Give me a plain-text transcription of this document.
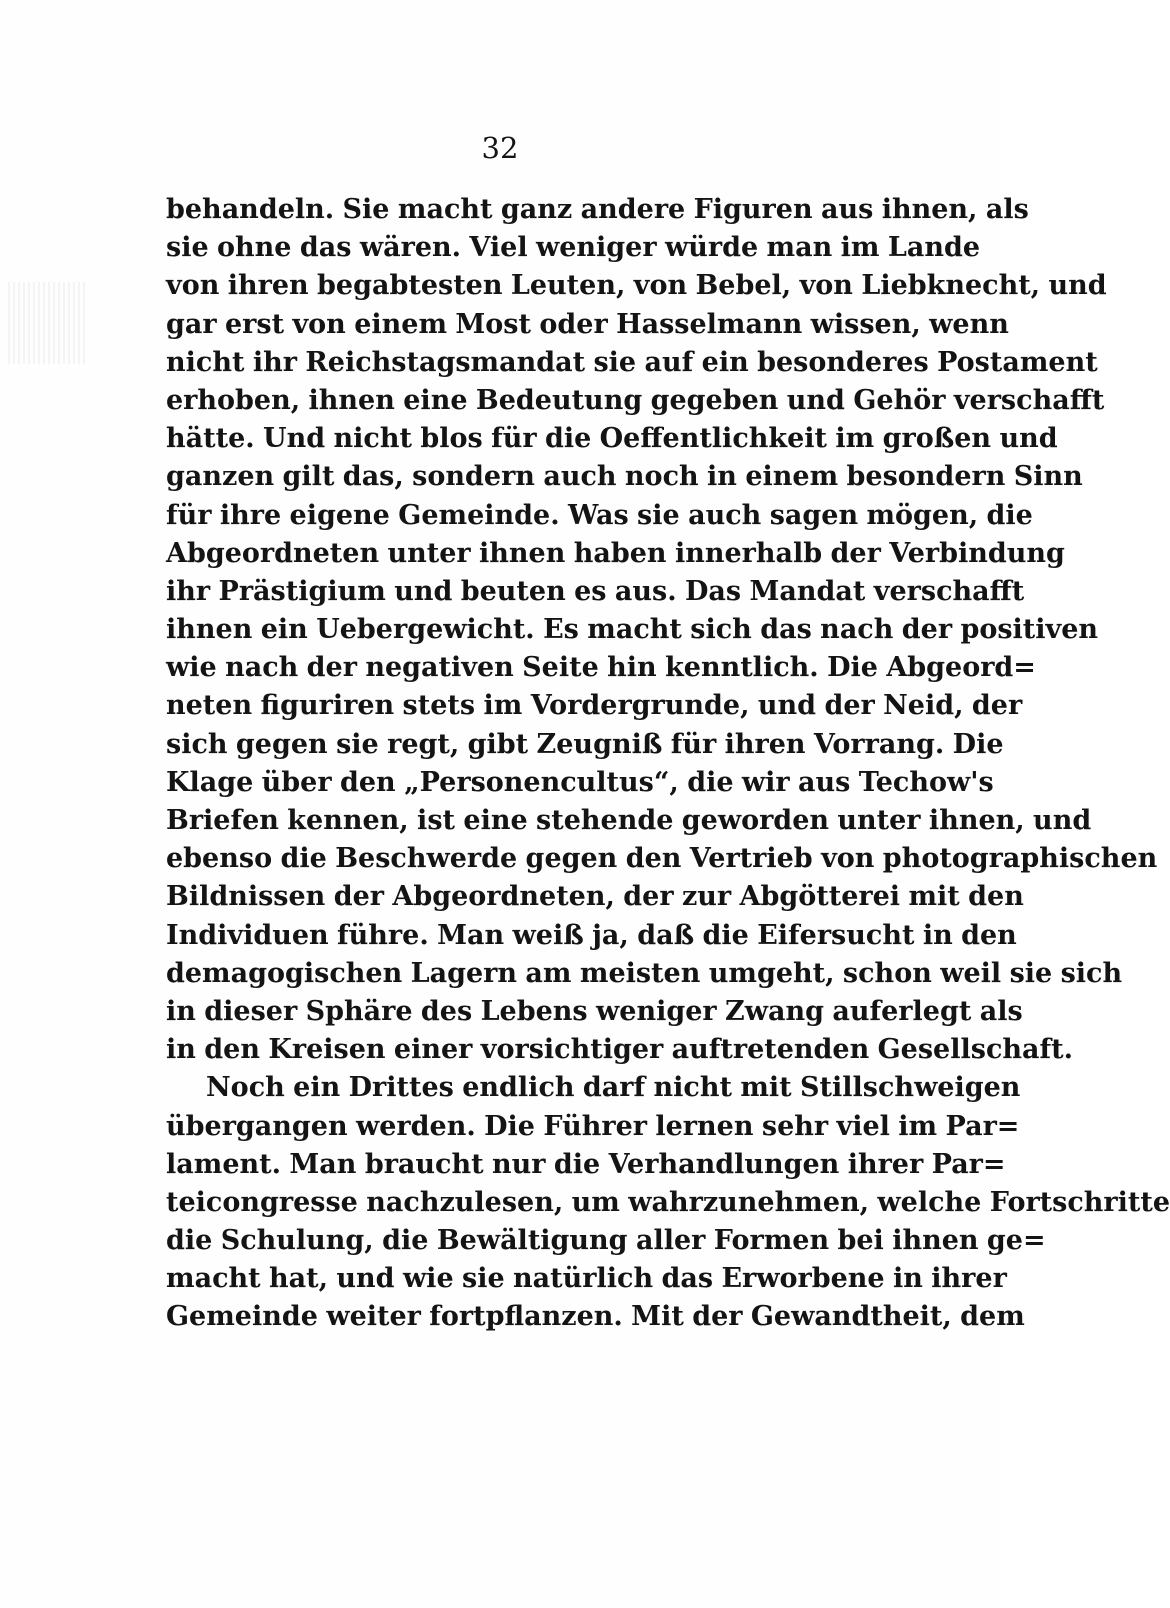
32
behandeln. Sie macht ganz andere Figuren aus ihnen, als
sie ohne das wären. Viel weniger würde man im Lande
von ihren begabtesten Leuten, von Bebel, von Liebknecht, und
gar erst von einem Most oder Hasselmann wissen, wenn
nicht ihr Reichstagsmandat sie auf ein besonderes Postament
erhoben, ihnen eine Bedeutung gegeben und Gehör verschafft
hätte. Und nicht blos für die Oeffentlichkeit im großen und
ganzen gilt das, sondern auch noch in einem besondern Sinn
für ihre eigene Gemeinde. Was sie auch sagen mögen, die
Abgeordneten unter ihnen haben innerhalb der Verbindung
ihr Prästigium und beuten es aus. Das Mandat verschafft
ihnen ein Uebergewicht. Es macht sich das nach der positiven
wie nach der negativen Seite hin kenntlich. Die Abgeord=
neten figuriren stets im Vordergrunde, und der Neid, der
sich gegen sie regt, gibt Zeugniß für ihren Vorrang. Die
Klage über den „Personencultus“, die wir aus Techow's
Briefen kennen, ist eine stehende geworden unter ihnen, und
ebenso die Beschwerde gegen den Vertrieb von photographischen
Bildnissen der Abgeordneten, der zur Abgötterei mit den
Individuen führe. Man weiß ja, daß die Eifersucht in den
demagogischen Lagern am meisten umgeht, schon weil sie sich
in dieser Sphäre des Lebens weniger Zwang auferlegt als
in den Kreisen einer vorsichtiger auftretenden Gesellschaft.
Noch ein Drittes endlich darf nicht mit Stillschweigen
übergangen werden. Die Führer lernen sehr viel im Par=
lament. Man braucht nur die Verhandlungen ihrer Par=
teicongresse nachzulesen, um wahrzunehmen, welche Fortschritte
die Schulung, die Bewältigung aller Formen bei ihnen ge=
macht hat, und wie sie natürlich das Erworbene in ihrer
Gemeinde weiter fortpflanzen. Mit der Gewandtheit, dem
